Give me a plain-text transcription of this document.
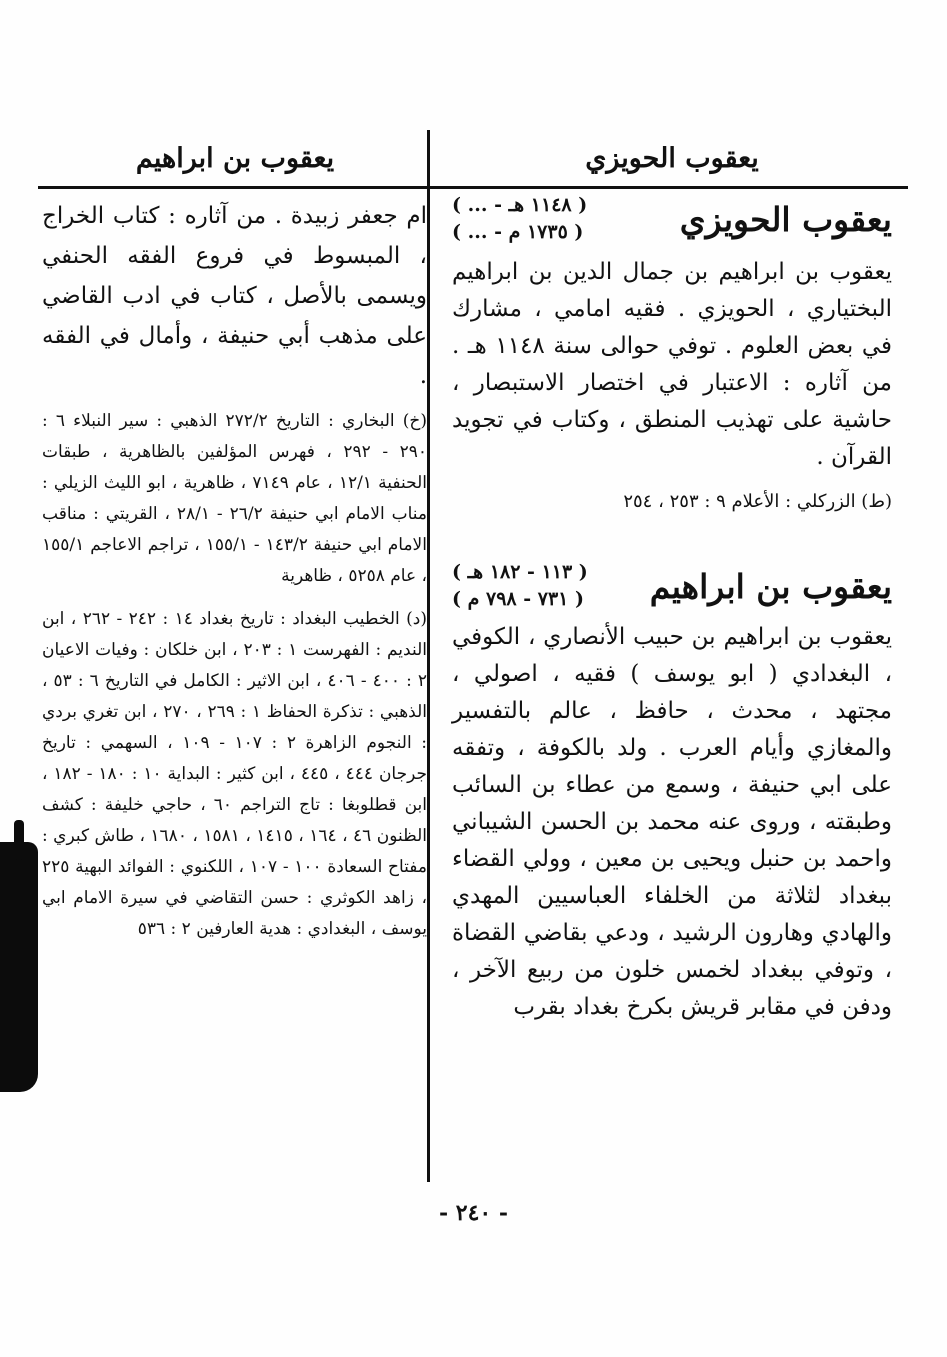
يعقوب الحويزي
يعقوب بن ابراهيم
يعقوب الحويزي
( ... - ١١٤٨ هـ )
( ... - ١٧٣٥ م )

يعقوب بن ابراهيم بن جمال الدين بن ابراهيم البختياري ، الحويزي . فقيه امامي ، مشارك في بعض العلوم . توفي حوالى سنة ١١٤٨ هـ . من آثاره : الاعتبار في اختصار الاستبصار ، حاشية على تهذيب المنطق ، وكتاب في تجويد القرآن .

(ط) الزركلي : الأعلام ٩ : ٢٥٣ ، ٢٥٤

يعقوب بن ابراهيم
( ١١٣ - ١٨٢ هـ )
( ٧٣١ - ٧٩٨ م )

يعقوب بن ابراهيم بن حبيب الأنصاري ، الكوفي ، البغدادي ( ابو يوسف ) فقيه ، اصولي ، مجتهد ، محدث ، حافظ ، عالم بالتفسير والمغازي وأيام العرب . ولد بالكوفة ، وتفقه على ابي حنيفة ، وسمع من عطاء بن السائب وطبقته ، وروى عنه محمد بن الحسن الشيباني واحمد بن حنبل ويحيى بن معين ، وولي القضاء ببغداد لثلاثة من الخلفاء العباسيين المهدي والهادي وهارون الرشيد ، ودعي بقاضي القضاة ، وتوفي ببغداد لخمس خلون من ربيع الآخر ، ودفن في مقابر قريش بكرخ بغداد بقرب

ام جعفر زبيدة . من آثاره : كتاب الخراج ، المبسوط في فروع الفقه الحنفي ويسمى بالأصل ، كتاب في ادب القاضي على مذهب أبي حنيفة ، وأمال في الفقه .

(خ) البخاري : التاريخ ٢٧٢/٢ الذهبي : سير النبلاء ٦ : ٢٩٠ - ٢٩٢ ، فهرس المؤلفين بالظاهرية ، طبقات الحنفية ١٢/١ ، عام ٧١٤٩ ، ظاهرية ، ابو الليث الزيلي : مناب الامام ابي حنيفة ٢٦/٢ - ٢٨/١ ، القريتي : مناقب الامام ابي حنيفة ١٤٣/٢ - ١٥٥/١ ، تراجم الاعاجم ١٥٥/١ ، عام ٥٢٥٨ ، ظاهرية

(د) الخطيب البغداد : تاريخ بغداد ١٤ : ٢٤٢ - ٢٦٢ ، ابن النديم : الفهرست ١ : ٢٠٣ ، ابن خلكان : وفيات الاعيان ٢ : ٤٠٠ - ٤٠٦ ، ابن الاثير : الكامل في التاريخ ٦ : ٥٣ ، الذهبي : تذكرة الحفاظ ١ : ٢٦٩ ، ٢٧٠ ، ابن تغري بردي : النجوم الزاهرة ٢ : ١٠٧ - ١٠٩ ، السهمي : تاريخ جرجان ٤٤٤ ، ٤٤٥ ، ابن كثير : البداية ١٠ : ١٨٠ - ١٨٢ ، ابن قطلوبغا : تاج التراجم ٦٠ ، حاجي خليفة : كشف الظنون ٤٦ ، ١٦٤ ، ١٤١٥ ، ١٥٨١ ، ١٦٨٠ ، طاش كبري : مفتاح السعادة ١٠٠ - ١٠٧ ، اللكنوي : الفوائد البهية ٢٢٥ ، زاهد الكوثري : حسن التقاضي في سيرة الامام ابي يوسف ، البغدادي : هدية العارفين ٢ : ٥٣٦

- ٢٤٠ -
